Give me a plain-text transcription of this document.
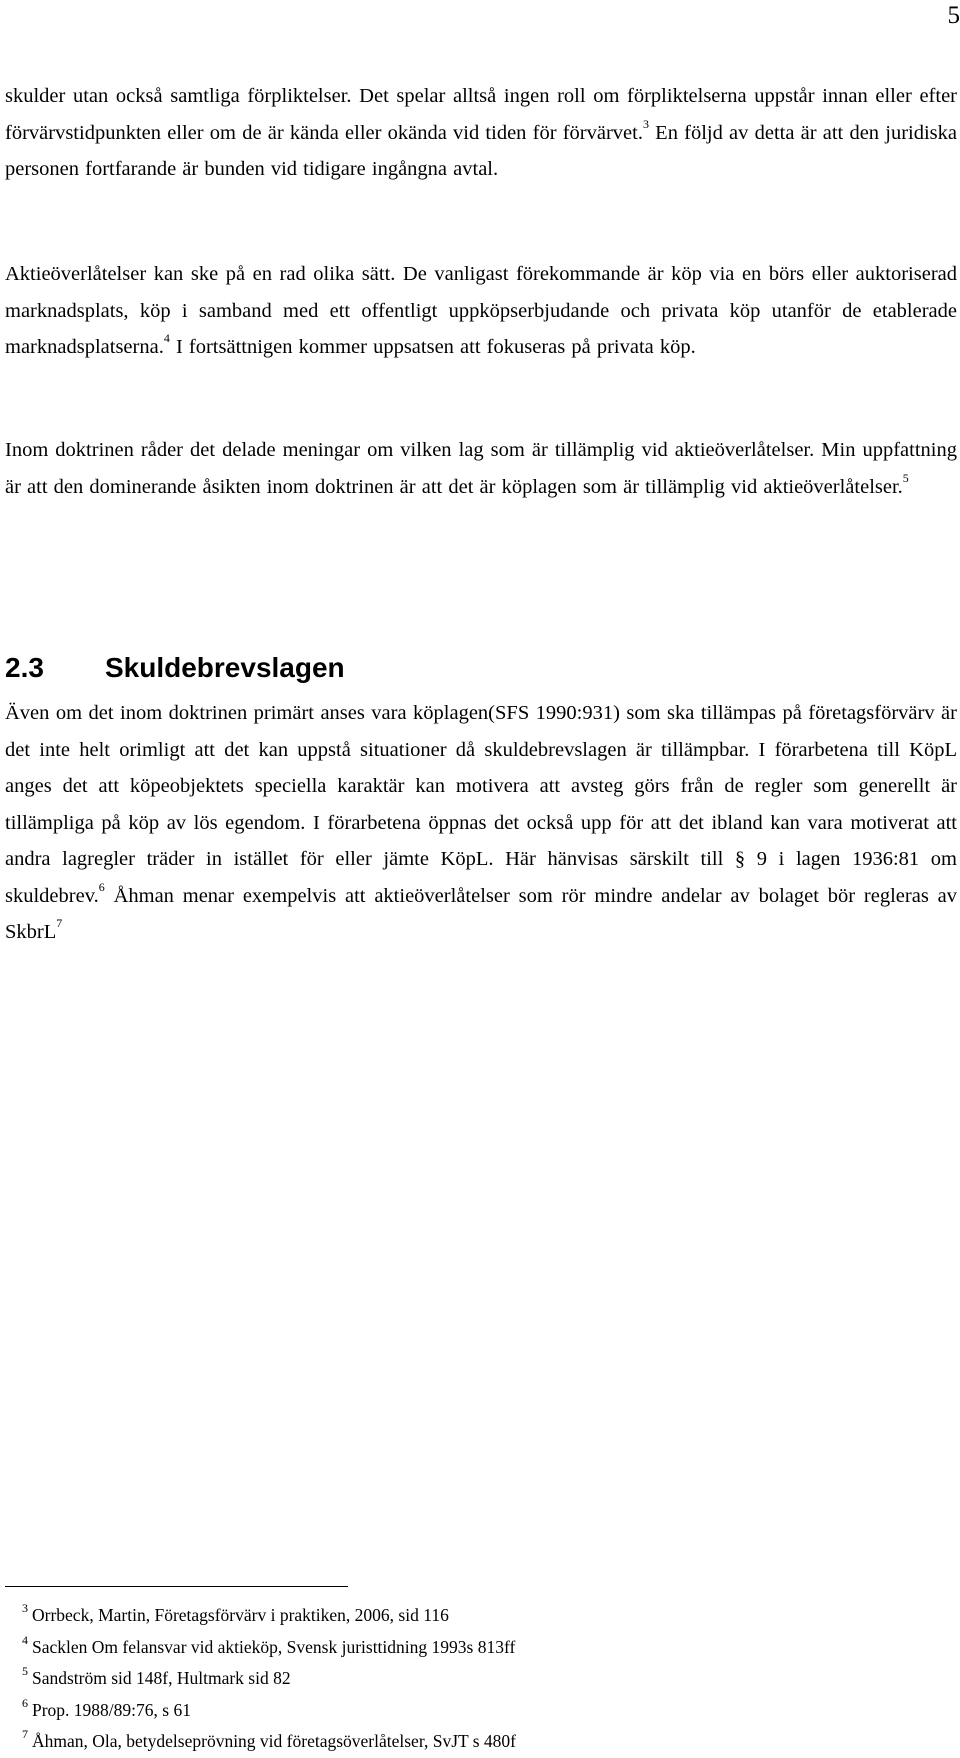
5

skulder utan också samtliga förpliktelser. Det spelar alltså ingen roll om förpliktelserna uppstår innan eller efter förvärvstidpunkten eller om de är kända eller okända vid tiden för förvärvet.$^3$ En följd av detta är att den juridiska personen fortfarande är bunden vid tidigare ingångna avtal.

Aktieöverlåtelser kan ske på en rad olika sätt. De vanligast förekommande är köp via en börs eller auktoriserad marknadsplats, köp i samband med ett offentligt uppköpserbjudande och privata köp utanför de etablerade marknadsplatserna.$^4$ I fortsättnigen kommer uppsatsen att fokuseras på privata köp.

Inom doktrinen råder det delade meningar om vilken lag som är tillämplig vid aktieöverlåtelser. Min uppfattning är att den dominerande åsikten inom doktrinen är att det är köplagen som är tillämplig vid aktieöverlåtelser.$^5$

2.3 Skuldebrevslagen

Även om det inom doktrinen primärt anses vara köplagen(SFS 1990:931) som ska tillämpas på företagsförvärv är det inte helt orimligt att det kan uppstå situationer då skuldebrevslagen är tillämpbar. I förarbetena till KöpL anges det att köpeobjektets speciella karaktär kan motivera att avsteg görs från de regler som generellt är tillämpliga på köp av lös egendom. I förarbetena öppnas det också upp för att det ibland kan vara motiverat att andra lagregler träder in istället för eller jämte KöpL. Här hänvisas särskilt till § 9 i lagen 1936:81 om skuldebrev.$^6$ Åhman menar exempelvis att aktieöverlåtelser som rör mindre andelar av bolaget bör regleras av SkbrL$^7$

$^3$ Orrbeck, Martin, Företagsförvärv i praktiken, 2006, sid 116
$^4$ Sacklen Om felansvar vid aktieköp, Svensk juristtidning 1993s 813ff
$^5$ Sandström sid 148f, Hultmark sid 82
$^6$ Prop. 1988/89:76, s 61
$^7$ Åhman, Ola, betydelseprövning vid företagsöverlåtelser, SvJT s 480f
